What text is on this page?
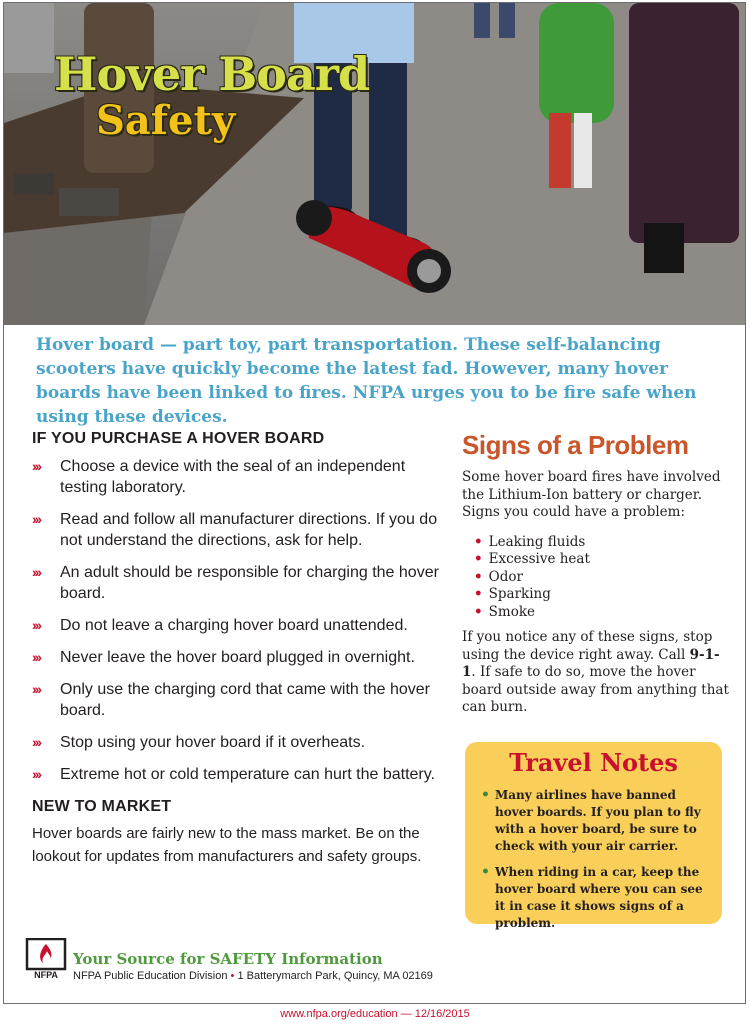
Hover Board
Safety

Hover board — part toy, part transportation. These self-balancing scooters have quickly become the latest fad. However, many hover boards have been linked to fires. NFPA urges you to be fire safe when using these devices.

IF YOU PURCHASE A HOVER BOARD
››› Choose a device with the seal of an independent testing laboratory.
››› Read and follow all manufacturer directions. If you do not understand the directions, ask for help.
››› An adult should be responsible for charging the hover board.
››› Do not leave a charging hover board unattended.
››› Never leave the hover board plugged in overnight.
››› Only use the charging cord that came with the hover board.
››› Stop using your hover board if it overheats.
››› Extreme hot or cold temperature can hurt the battery.
NEW TO MARKET

Hover boards are fairly new to the mass market. Be on the lookout for updates from manufacturers and safety groups.

Signs of a Problem

Some hover board fires have involved the Lithium-Ion battery or charger. Signs you could have a problem:

• Leaking fluids
• Excessive heat
• Odor
• Sparking
• Smoke

If you notice any of these signs, stop using the device right away. Call 9-1-1. If safe to do so, move the hover board outside away from anything that can burn.

Travel Notes
• Many airlines have banned hover boards. If you plan to fly with a hover board, be sure to check with your air carrier.
• When riding in a car, keep the hover board where you can see it in case it shows signs of a problem.
NFPA

Your Source for SAFETY Information

NFPA Public Education Division • 1 Batterymarch Park, Quincy, MA 02169

www.nfpa.org/education — 12/16/2015
